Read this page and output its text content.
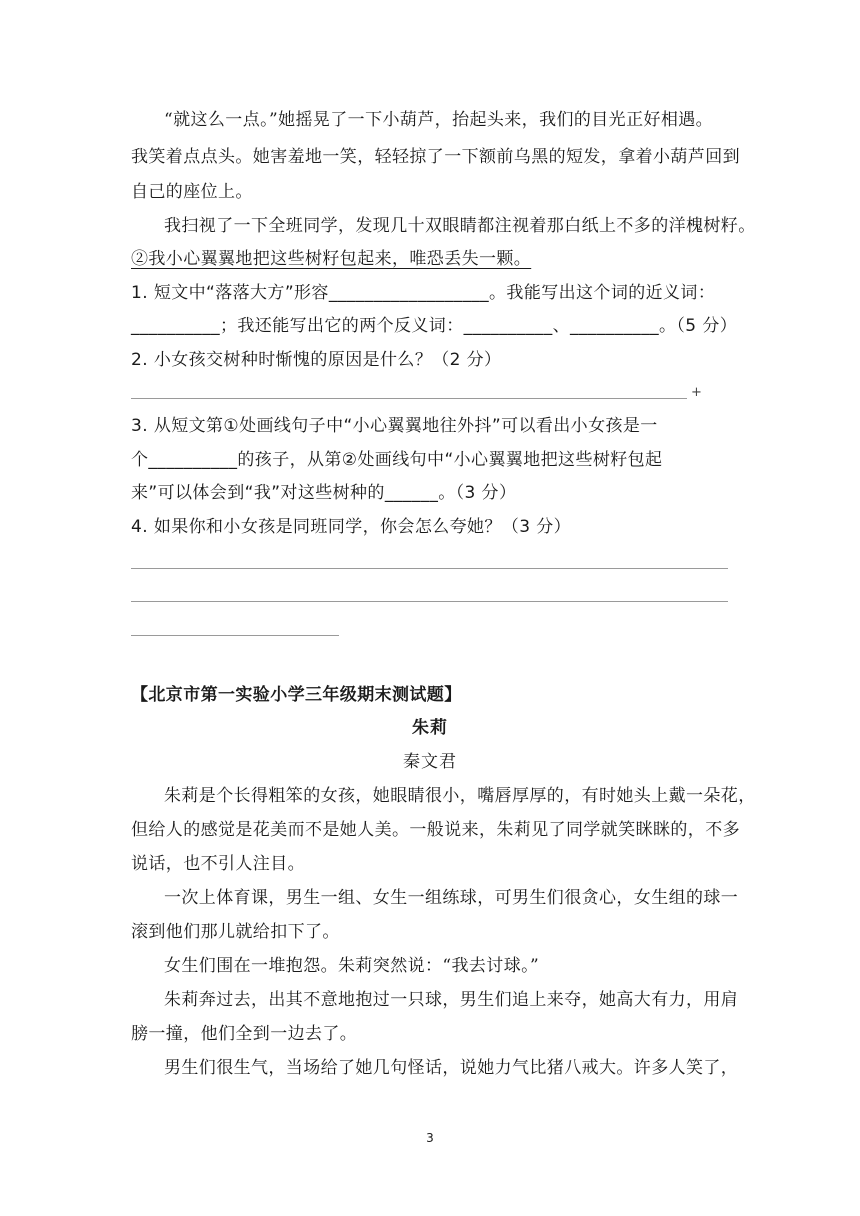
“就这么一点。”她摇晃了一下小葫芦，抬起头来，我们的目光正好相遇。
我笑着点点头。她害羞地一笑，轻轻掠了一下额前乌黑的短发，拿着小葫芦回到
自己的座位上。
我扫视了一下全班同学，发现几十双眼睛都注视着那白纸上不多的洋槐树籽。
②我小心翼翼地把这些树籽包起来，唯恐丢失一颗。
1. 短文中“落落大方”形容__________________。我能写出这个词的近义词：
__________；我还能写出它的两个反义词：__________、__________。（5 分）
2. 小女孩交树种时惭愧的原因是什么？（2 分）
+
3. 从短文第①处画线句子中“小心翼翼地往外抖”可以看出小女孩是一
个__________的孩子，从第②处画线句中“小心翼翼地把这些树籽包起
来”可以体会到“我”对这些树种的______。（3 分）
4. 如果你和小女孩是同班同学，你会怎么夸她？（3 分）
【北京市第一实验小学三年级期末测试题】
朱莉
秦文君
朱莉是个长得粗笨的女孩，她眼睛很小，嘴唇厚厚的，有时她头上戴一朵花，
但给人的感觉是花美而不是她人美。一般说来，朱莉见了同学就笑眯眯的，不多
说话，也不引人注目。
一次上体育课，男生一组、女生一组练球，可男生们很贪心，女生组的球一
滚到他们那儿就给扣下了。
女生们围在一堆抱怨。朱莉突然说：“我去讨球。”
朱莉奔过去，出其不意地抱过一只球，男生们追上来夺，她高大有力，用肩
膀一撞，他们全到一边去了。
男生们很生气，当场给了她几句怪话，说她力气比猪八戒大。许多人笑了，
3
